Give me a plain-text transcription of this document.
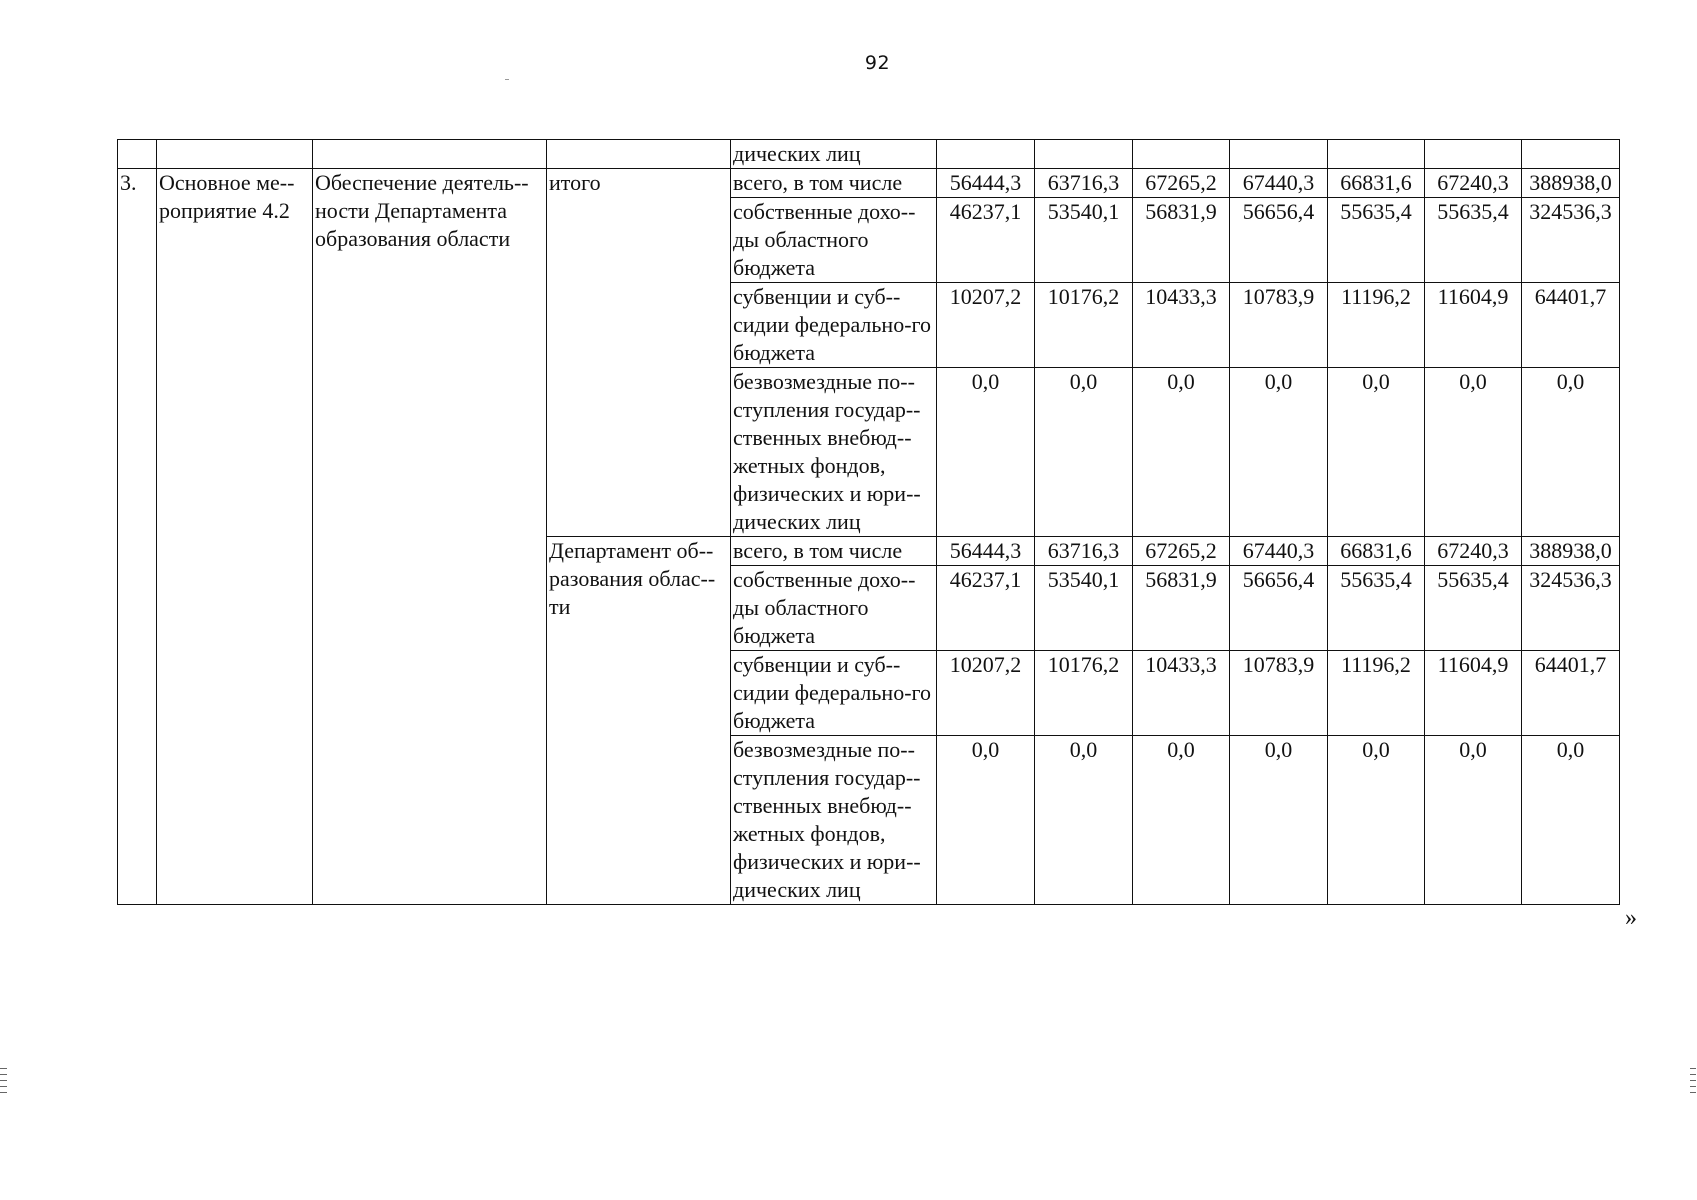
92
				дических лиц							
3.	Основное ме-роприятие 4.2	Обеспечение деятель-ности Департамента образования области	итого	всего, в том числе	56444,3	63716,3	67265,2	67440,3	66831,6	67240,3	388938,0
				собственные дохо-ды областного бюджета	46237,1	53540,1	56831,9	56656,4	55635,4	55635,4	324536,3
				субвенции и суб-сидии федерально-го бюджета	10207,2	10176,2	10433,3	10783,9	11196,2	11604,9	64401,7
				безвозмездные по-ступления государ-ственных внебюд-жетных фондов, физических и юри-дических лиц	0,0	0,0	0,0	0,0	0,0	0,0	0,0
			Департамент об-разования облас-ти	всего, в том числе	56444,3	63716,3	67265,2	67440,3	66831,6	67240,3	388938,0
				собственные дохо-ды областного бюджета	46237,1	53540,1	56831,9	56656,4	55635,4	55635,4	324536,3
				субвенции и суб-сидии федерально-го бюджета	10207,2	10176,2	10433,3	10783,9	11196,2	11604,9	64401,7
				безвозмездные по-ступления государ-ственных внебюд-жетных фондов, физических и юри-дических лиц	0,0	0,0	0,0	0,0	0,0	0,0	0,0
»
